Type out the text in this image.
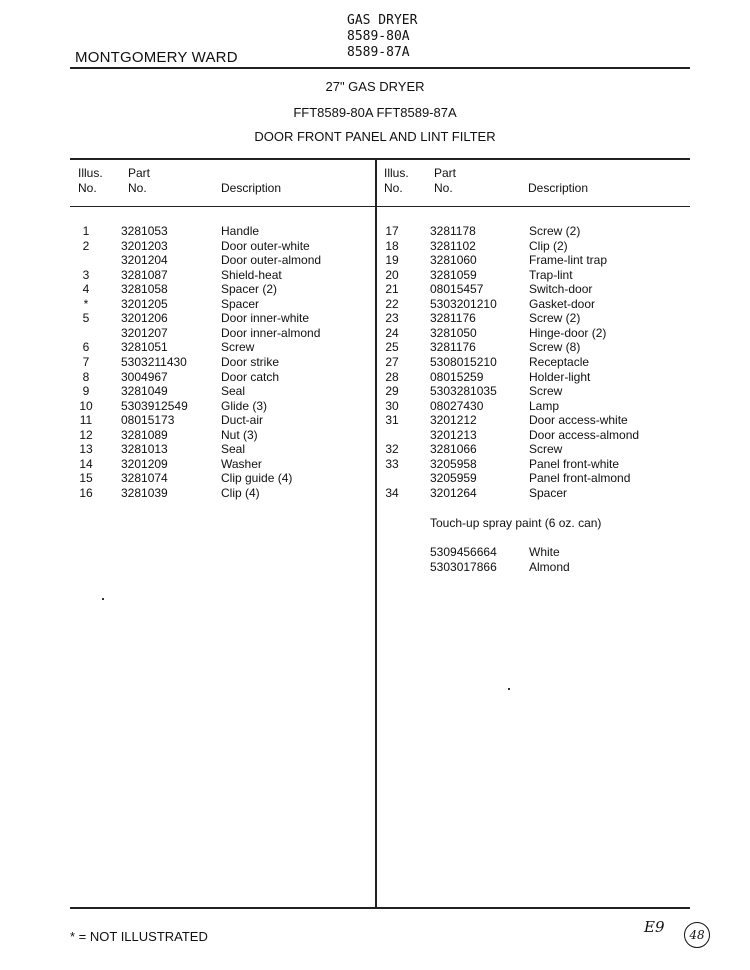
GAS DRYER
8589-80A
8589-87A
MONTGOMERY WARD
27" GAS DRYER
FFT8589-80A FFT8589-87A
DOOR FRONT PANEL AND LINT FILTER
Illus.
No.
Part
No.	Description
Illus.
No.
Part
No.	Description
1	3281053	Handle
2	3201203	Door outer-white
3201204	Door outer-almond
3	3281087	Shield-heat
4	3281058	Spacer (2)
*	3201205	Spacer
5	3201206	Door inner-white
3201207	Door inner-almond
6	3281051	Screw
7	5303211430	Door strike
8	3004967	Door catch
9	3281049	Seal
10	5303912549	Glide (3)
11	08015173	Duct-air
12	3281089	Nut (3)
13	3281013	Seal
14	3201209	Washer
15	3281074	Clip guide (4)
16	3281039	Clip (4)
17	3281178	Screw (2)
18	3281102	Clip (2)
19	3281060	Frame-lint trap
20	3281059	Trap-lint
21	08015457	Switch-door
22	5303201210	Gasket-door
23	3281176	Screw (2)
24	3281050	Hinge-door (2)
25	3281176	Screw (8)
27	5308015210	Receptacle
28	08015259	Holder-light
29	5303281035	Screw
30	08027430	Lamp
31	3201212	Door access-white
3201213	Door access-almond
32	3281066	Screw
33	3205958	Panel front-white
3205959	Panel front-almond
34	3201264	Spacer
Touch-up spray paint (6 oz. can)
5309456664	White
5303017866	Almond
* = NOT ILLUSTRATED
E9	48
